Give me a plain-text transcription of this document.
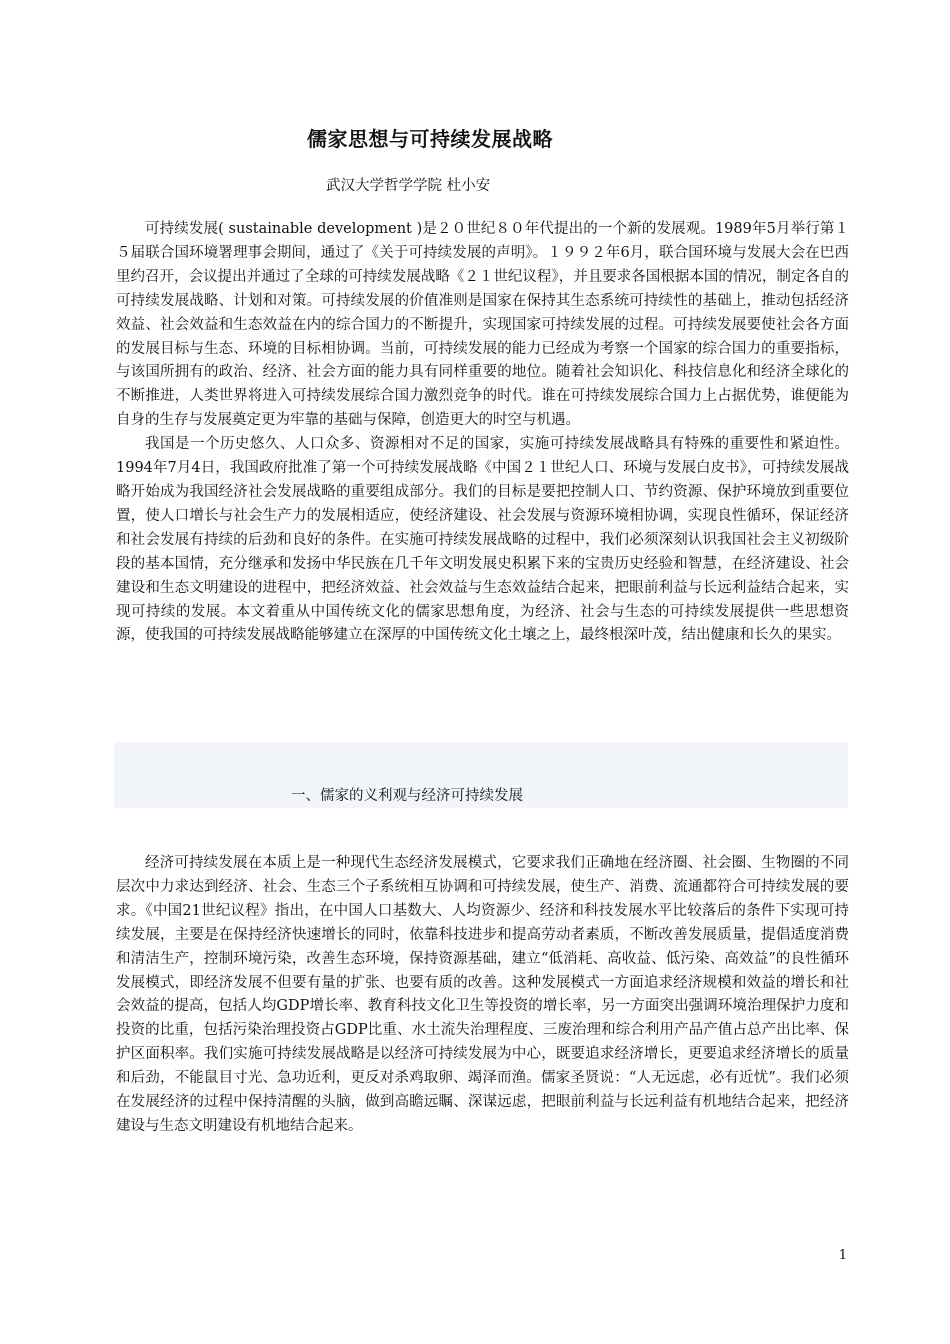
儒家思想与可持续发展战略
武汉大学哲学学院 杜小安

可持续发展( sustainable development )是２０世纪８０年代提出的一个新的发展观。1989年5月举行第１５届联合国环境署理事会期间，通过了《关于可持续发展的声明》。１９９２年6月，联合国环境与发展大会在巴西里约召开，会议提出并通过了全球的可持续发展战略《２１世纪议程》，并且要求各国根据本国的情况，制定各自的可持续发展战略、计划和对策。可持续发展的价值准则是国家在保持其生态系统可持续性的基础上，推动包括经济效益、社会效益和生态效益在内的综合国力的不断提升，实现国家可持续发展的过程。可持续发展要使社会各方面的发展目标与生态、环境的目标相协调。当前，可持续发展的能力已经成为考察一个国家的综合国力的重要指标，与该国所拥有的政治、经济、社会方面的能力具有同样重要的地位。随着社会知识化、科技信息化和经济全球化的不断推进，人类世界将进入可持续发展综合国力激烈竞争的时代。谁在可持续发展综合国力上占据优势，谁便能为自身的生存与发展奠定更为牢靠的基础与保障，创造更大的时空与机遇。

我国是一个历史悠久、人口众多、资源相对不足的国家，实施可持续发展战略具有特殊的重要性和紧迫性。1994年7月4日，我国政府批准了第一个可持续发展战略《中国２１世纪人口、环境与发展白皮书》，可持续发展战略开始成为我国经济社会发展战略的重要组成部分。我们的目标是要把控制人口、节约资源、保护环境放到重要位置，使人口增长与社会生产力的发展相适应，使经济建设、社会发展与资源环境相协调，实现良性循环，保证经济和社会发展有持续的后劲和良好的条件。在实施可持续发展战略的过程中，我们必须深刻认识我国社会主义初级阶段的基本国情，充分继承和发扬中华民族在几千年文明发展史积累下来的宝贵历史经验和智慧，在经济建设、社会建设和生态文明建设的进程中，把经济效益、社会效益与生态效益结合起来，把眼前利益与长远利益结合起来，实现可持续的发展。本文着重从中国传统文化的儒家思想角度，为经济、社会与生态的可持续发展提供一些思想资源，使我国的可持续发展战略能够建立在深厚的中国传统文化土壤之上，最终根深叶茂，结出健康和长久的果实。

一、儒家的义利观与经济可持续发展

经济可持续发展在本质上是一种现代生态经济发展模式，它要求我们正确地在经济圈、社会圈、生物圈的不同层次中力求达到经济、社会、生态三个子系统相互协调和可持续发展，使生产、消费、流通都符合可持续发展的要求。《中国21世纪议程》指出，在中国人口基数大、人均资源少、经济和科技发展水平比较落后的条件下实现可持续发展，主要是在保持经济快速增长的同时，依靠科技进步和提高劳动者素质，不断改善发展质量，提倡适度消费和清洁生产，控制环境污染，改善生态环境，保持资源基础，建立“低消耗、高收益、低污染、高效益”的良性循环发展模式，即经济发展不但要有量的扩张、也要有质的改善。这种发展模式一方面追求经济规模和效益的增长和社会效益的提高，包括人均GDP增长率、教育科技文化卫生等投资的增长率，另一方面突出强调环境治理保护力度和投资的比重，包括污染治理投资占GDP比重、水土流失治理程度、三废治理和综合利用产品产值占总产出比率、保护区面积率。我们实施可持续发展战略是以经济可持续发展为中心，既要追求经济增长，更要追求经济增长的质量和后劲，不能鼠目寸光、急功近利，更反对杀鸡取卵、竭泽而渔。儒家圣贤说：“人无远虑，必有近忧”。我们必须在发展经济的过程中保持清醒的头脑，做到高瞻远瞩、深谋远虑，把眼前利益与长远利益有机地结合起来，把经济建设与生态文明建设有机地结合起来。

1
